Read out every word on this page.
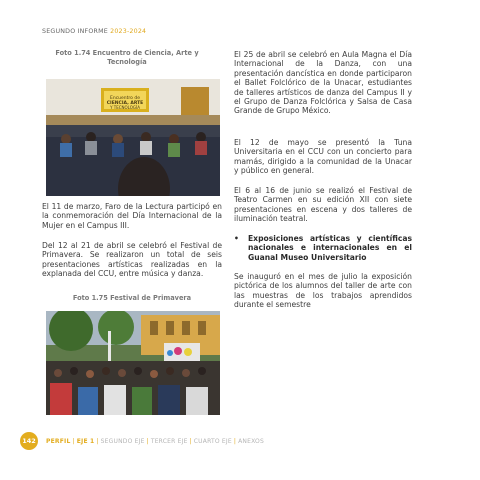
SEGUNDO INFORME 2023-2024
Foto 1.74 Encuentro de Ciencia, Arte y Tecnología
Encuentro de
CIENCIA, ARTE
Y TECNOLOGÍA

El 11 de marzo, Faro de la Lectura participó en la conmemoración del Día Internacional de la Mujer en el Campus III.

Del 12 al 21 de abril se celebró el Festival de Primavera. Se realizaron un total de seis presentaciones artísticas realizadas en la explanada del CCU, entre música y danza.

Foto 1.75 Festival de Primavera

El 25 de abril se celebró en Aula Magna el Día Internacional de la Danza, con una presentación dancística en donde participaron el Ballet Folclórico de la Unacar, estudiantes de talleres artísticos de danza del Campus II y el Grupo de Danza Folclórica y Salsa de Casa Grande de Grupo México.

El 12 de mayo se presentó la Tuna Universitaria en el CCU con un concierto para mamás, dirigido a la comunidad de la Unacar y público en general.

El 6 al 16 de junio se realizó el Festival de Teatro Carmen en su edición XII con siete presentaciones en escena y dos talleres de iluminación teatral.

• Exposiciones artísticas y científicas nacionales e internacionales en el Guanal Museo Universitario

Se inauguró en el mes de julio la exposición pictórica de los alumnos del taller de arte con las muestras de los trabajos aprendidos durante el semestre

142	PERFIL | EJE 1 | SEGUNDO EJE | TERCER EJE | CUARTO EJE | ANEXOS
